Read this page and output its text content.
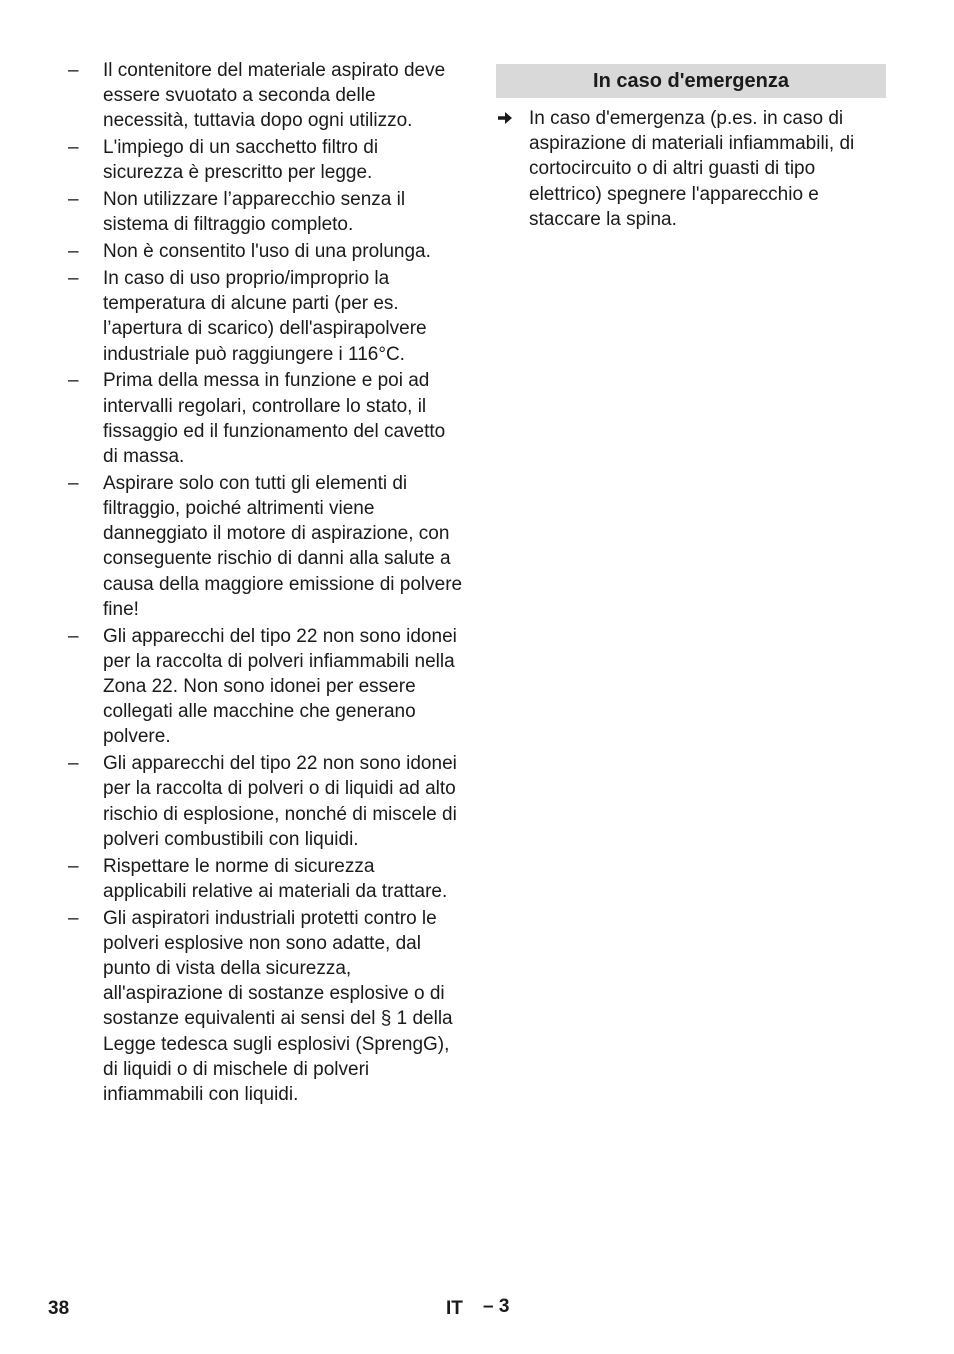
– Il contenitore del materiale aspirato deve essere svuotato a seconda delle necessità, tuttavia dopo ogni utilizzo.
– L'impiego di un sacchetto filtro di sicurezza è prescritto per legge.
– Non utilizzare l’apparecchio senza il sistema di filtraggio completo.
– Non è consentito l'uso di una prolunga.
– In caso di uso proprio/improprio la temperatura di alcune parti (per es. l’apertura di scarico) dell'aspirapolvere industriale può raggiungere i 116°C.
– Prima della messa in funzione e poi ad intervalli regolari, controllare lo stato, il fissaggio ed il funzionamento del cavetto di massa.
– Aspirare solo con tutti gli elementi di filtraggio, poiché altrimenti viene danneggiato il motore di aspirazione, con conseguente rischio di danni alla salute a causa della maggiore emissione di polvere fine!
– Gli apparecchi del tipo 22 non sono idonei per la raccolta di polveri infiammabili nella Zona 22. Non sono idonei per essere collegati alle macchine che generano polvere.
– Gli apparecchi del tipo 22 non sono idonei per la raccolta di polveri o di liquidi ad alto rischio di esplosione, nonché di miscele di polveri combustibili con liquidi.
– Rispettare le norme di sicurezza applicabili relative ai materiali da trattare.
– Gli aspiratori industriali protetti contro le polveri esplosive non sono adatte, dal punto di vista della sicurezza, all'aspirazione di sostanze esplosive o di sostanze equivalenti ai sensi del § 1 della Legge tedesca sugli esplosivi (SprengG), di liquidi o di mischele di polveri infiammabili con liquidi.
In caso d'emergenza
In caso d'emergenza (p.es. in caso di aspirazione di materiali infiammabili, di cortocircuito o di altri guasti di tipo elettrico) spegnere l'apparecchio e staccare la spina.
38	IT – 3
